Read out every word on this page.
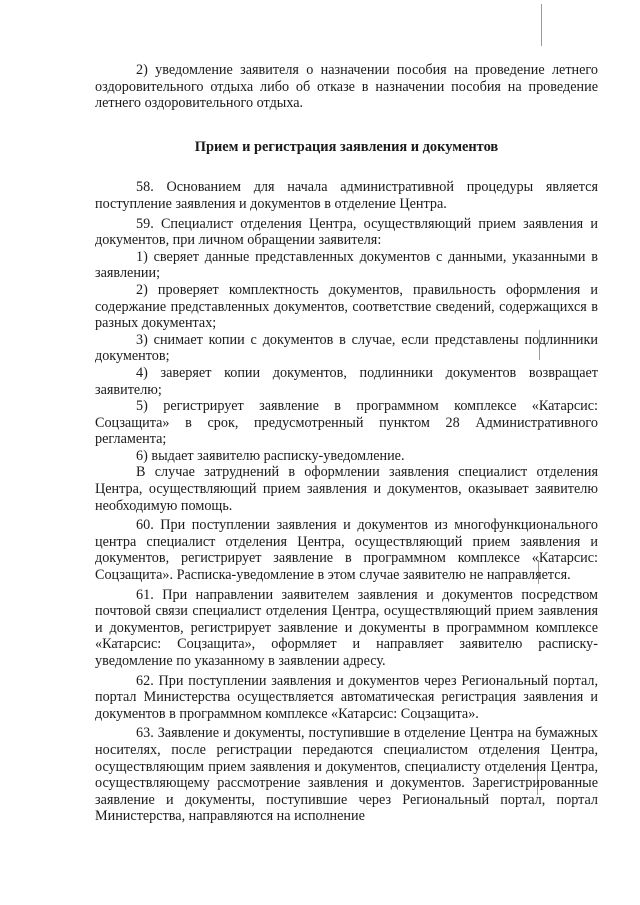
2) уведомление заявителя о назначении пособия на проведение летнего оздоровительного отдыха либо об отказе в назначении пособия на проведение летнего оздоровительного отдыха.

Прием и регистрация заявления и документов

58. Основанием для начала административной процедуры является поступление заявления и документов в отделение Центра.

59. Специалист отделения Центра, осуществляющий прием заявления и документов, при личном обращении заявителя:

1) сверяет данные представленных документов с данными, указанными в заявлении;

2) проверяет комплектность документов, правильность оформления и содержание представленных документов, соответствие сведений, содержащихся в разных документах;

3) снимает копии с документов в случае, если представлены подлинники документов;

4) заверяет копии документов, подлинники документов возвращает заявителю;

5) регистрирует заявление в программном комплексе «Катарсис: Соцзащита» в срок, предусмотренный пунктом 28 Административного регламента;

6) выдает заявителю расписку-уведомление.

В случае затруднений в оформлении заявления специалист отделения Центра, осуществляющий прием заявления и документов, оказывает заявителю необходимую помощь.

60. При поступлении заявления и документов из многофункционального центра специалист отделения Центра, осуществляющий прием заявления и документов, регистрирует заявление в программном комплексе «Катарсис: Соцзащита». Расписка-уведомление в этом случае заявителю не направляется.

61. При направлении заявителем заявления и документов посредством почтовой связи специалист отделения Центра, осуществляющий прием заявления и документов, регистрирует заявление и документы в программном комплексе «Катарсис: Соцзащита», оформляет и направляет заявителю расписку-уведомление по указанному в заявлении адресу.

62. При поступлении заявления и документов через Региональный портал, портал Министерства осуществляется автоматическая регистрация заявления и документов в программном комплексе «Катарсис: Соцзащита».

63. Заявление и документы, поступившие в отделение Центра на бумажных носителях, после регистрации передаются специалистом отделения Центра, осуществляющим прием заявления и документов, специалисту отделения Центра, осуществляющему рассмотрение заявления и документов. Зарегистрированные заявление и документы, поступившие через Региональный портал, портал Министерства, направляются на исполнение
